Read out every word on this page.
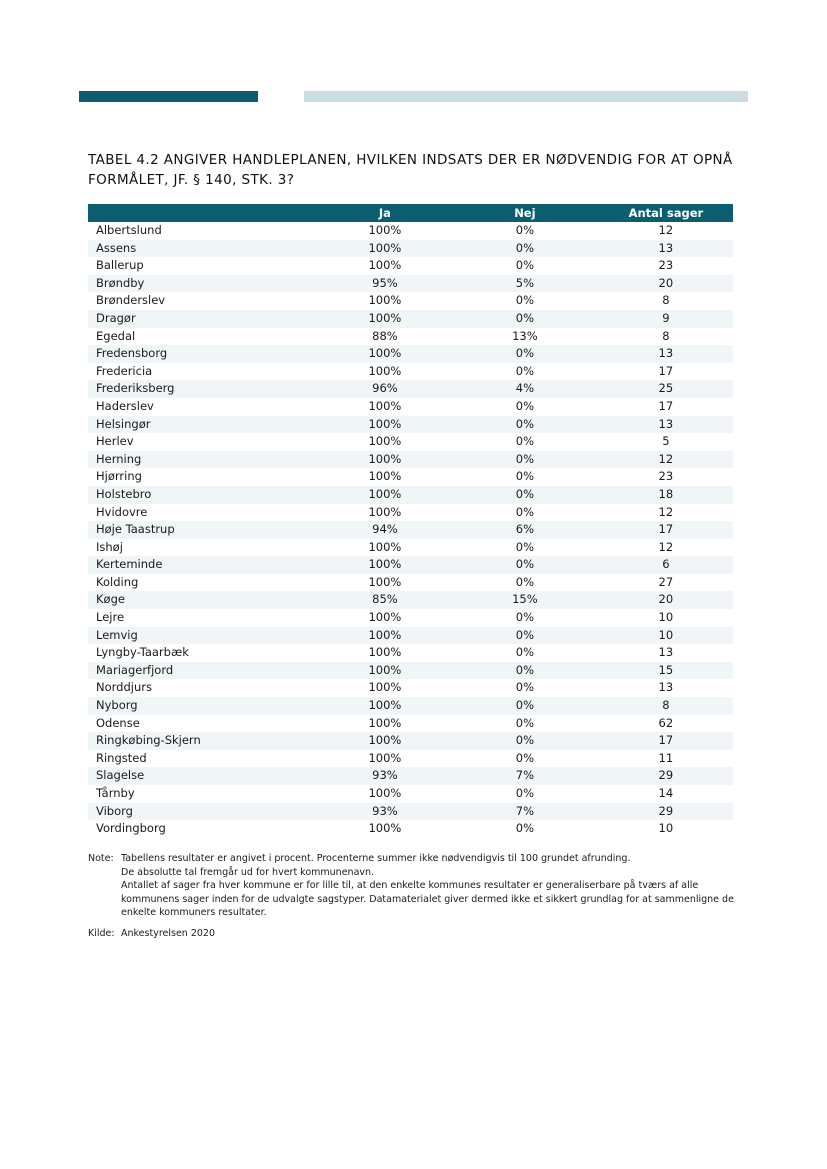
TABEL 4.2 ANGIVER HANDLEPLANEN, HVILKEN INDSATS DER ER NØDVENDIG FOR AT OPNÅ FORMÅLET, JF. § 140, STK. 3?
	Ja	Nej	Antal sager
Albertslund	100%	0%	12
Assens	100%	0%	13
Ballerup	100%	0%	23
Brøndby	95%	5%	20
Brønderslev	100%	0%	8
Dragør	100%	0%	9
Egedal	88%	13%	8
Fredensborg	100%	0%	13
Fredericia	100%	0%	17
Frederiksberg	96%	4%	25
Haderslev	100%	0%	17
Helsingør	100%	0%	13
Herlev	100%	0%	5
Herning	100%	0%	12
Hjørring	100%	0%	23
Holstebro	100%	0%	18
Hvidovre	100%	0%	12
Høje Taastrup	94%	6%	17
Ishøj	100%	0%	12
Kerteminde	100%	0%	6
Kolding	100%	0%	27
Køge	85%	15%	20
Lejre	100%	0%	10
Lemvig	100%	0%	10
Lyngby-Taarbæk	100%	0%	13
Mariagerfjord	100%	0%	15
Norddjurs	100%	0%	13
Nyborg	100%	0%	8
Odense	100%	0%	62
Ringkøbing-Skjern	100%	0%	17
Ringsted	100%	0%	11
Slagelse	93%	7%	29
Tårnby	100%	0%	14
Viborg	93%	7%	29
Vordingborg	100%	0%	10
Note: Tabellens resultater er angivet i procent. Procenterne summer ikke nødvendigvis til 100 grundet afrunding.

De absolutte tal fremgår ud for hvert kommunenavn.

Antallet af sager fra hver kommune er for lille til, at den enkelte kommunes resultater er generaliserbare på tværs af alle kommunens sager inden for de udvalgte sagstyper. Datamaterialet giver dermed ikke et sikkert grundlag for at sammenligne de enkelte kommuners resultater.

Kilde: Ankestyrelsen 2020
